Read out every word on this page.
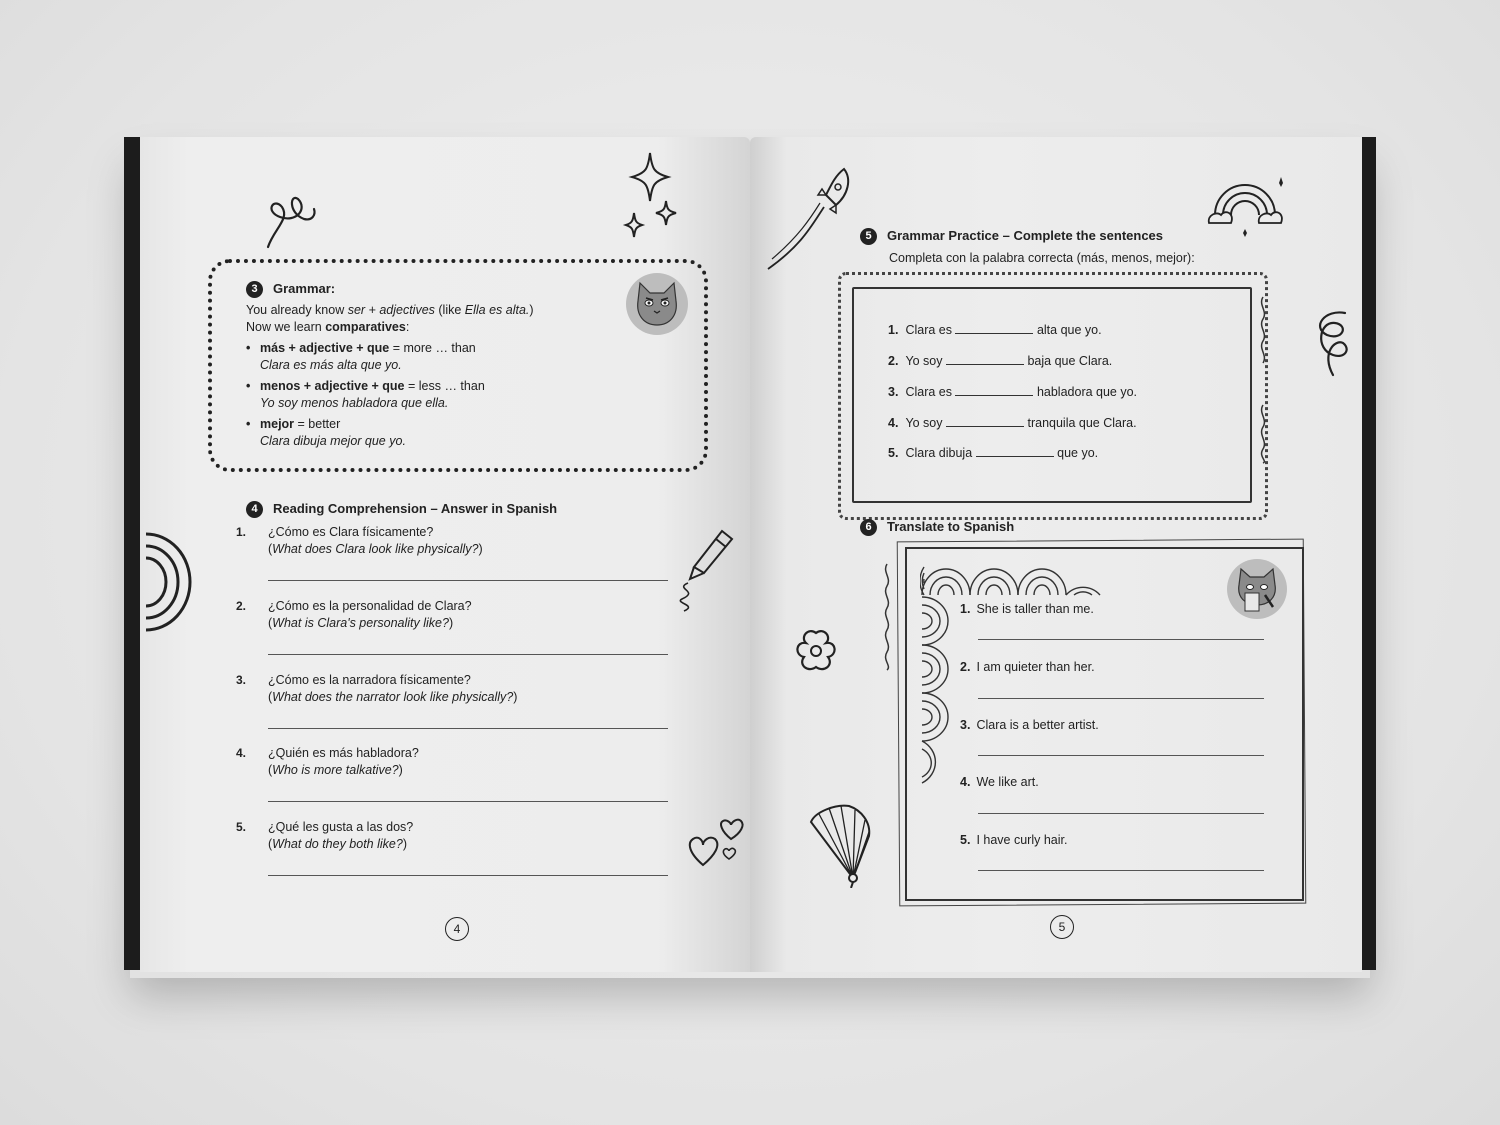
3 Grammar:
You already know ser + adjectives (like Ella es alta.)
Now we learn comparatives:
• más + adjective + que = more … than
Clara es más alta que yo.
• menos + adjective + que = less … than
Yo soy menos habladora que ella.
• mejor = better
Clara dibuja mejor que yo.
4 Reading Comprehension – Answer in Spanish
1. ¿Cómo es Clara físicamente?
(What does Clara look like physically?)
2. ¿Cómo es la personalidad de Clara?
(What is Clara's personality like?)
3. ¿Cómo es la narradora físicamente?
(What does the narrator look like physically?)
4. ¿Quién es más habladora?
(Who is more talkative?)
5. ¿Qué les gusta a las dos?
(What do they both like?)
4
5 Grammar Practice – Complete the sentences
Completa con la palabra correcta (más, menos, mejor):
1. Clara es	alta que yo.
2. Yo soy	baja que Clara.
3. Clara es	habladora que yo.
4. Yo soy	tranquila que Clara.
5. Clara dibuja	que yo.
6 Translate to Spanish
1. She is taller than me.
2. I am quieter than her.
3. Clara is a better artist.
4. We like art.
5. I have curly hair.
5
